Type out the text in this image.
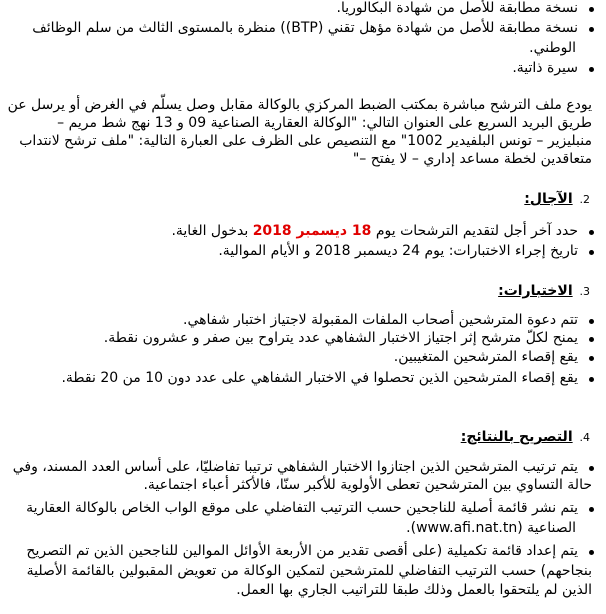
نسخة مطابقة للأصل من شهادة البكالوريا.
نسخة مطابقة للأصل من شهادة مؤهل تقني (BTP)) منظرة بالمستوى الثالث من سلم الوظائف
الوطني.
سيرة ذاتية.
يودع ملف الترشح مباشرة بمكتب الضبط المركزي بالوكالة مقابل وصل يسلّم في الغرض أو يرسل عن
طريق البريد السريع على العنوان التالي: "الوكالة العقارية الصناعية 09 و 13 نهج شط مريم –
منبليزير – تونس البلفيدير 1002" مع التنصيص على الظرف على العبارة التالية: "ملف ترشح لانتداب
متعاقدين لخطة مساعد إداري – لا يفتح –"
2. الآجال:
حدد آخر أجل لتقديم الترشحات يوم 18 ديسمبر 2018 بدخول الغاية.
تاريخ إجراء الاختبارات: يوم 24 ديسمبر 2018 و الأيام الموالية.
3. الاختبارات:
تتم دعوة المترشحين أصحاب الملفات المقبولة لاجتياز اختبار شفاهي.
يمنح لكلّ مترشح إثر اجتياز الاختبار الشفاهي عدد يتراوح بين صفر و عشرون نقطة.
يقع إقصاء المترشحين المتغيبين.
يقع إقصاء المترشحين الذين تحصلوا في الاختبار الشفاهي على عدد دون 10 من 20 نقطة.
4. التصريح بالنتائج:
يتم ترتيب المترشحين الذين اجتازوا الاختبار الشفاهي ترتيبا تفاضليّا، على أساس العدد المسند، وفي
حالة التساوي بين المترشحين تعطى الأولوية للأكبر سنّا، فالأكثر أعباء اجتماعية.
يتم نشر قائمة أصلية للناجحين حسب الترتيب التفاضلي على موقع الواب الخاص بالوكالة العقارية
الصناعية (www.afi.nat.tn).
يتم إعداد قائمة تكميلية (على أقصى تقدير من الأربعة الأوائل الموالين للناجحين الذين تم التصريح
بنجاحهم) حسب الترتيب التفاضلي للمترشحين لتمكين الوكالة من تعويض المقبولين بالقائمة الأصلية
الذين لم يلتحقوا بالعمل وذلك طبقا للتراتيب الجاري بها العمل.
